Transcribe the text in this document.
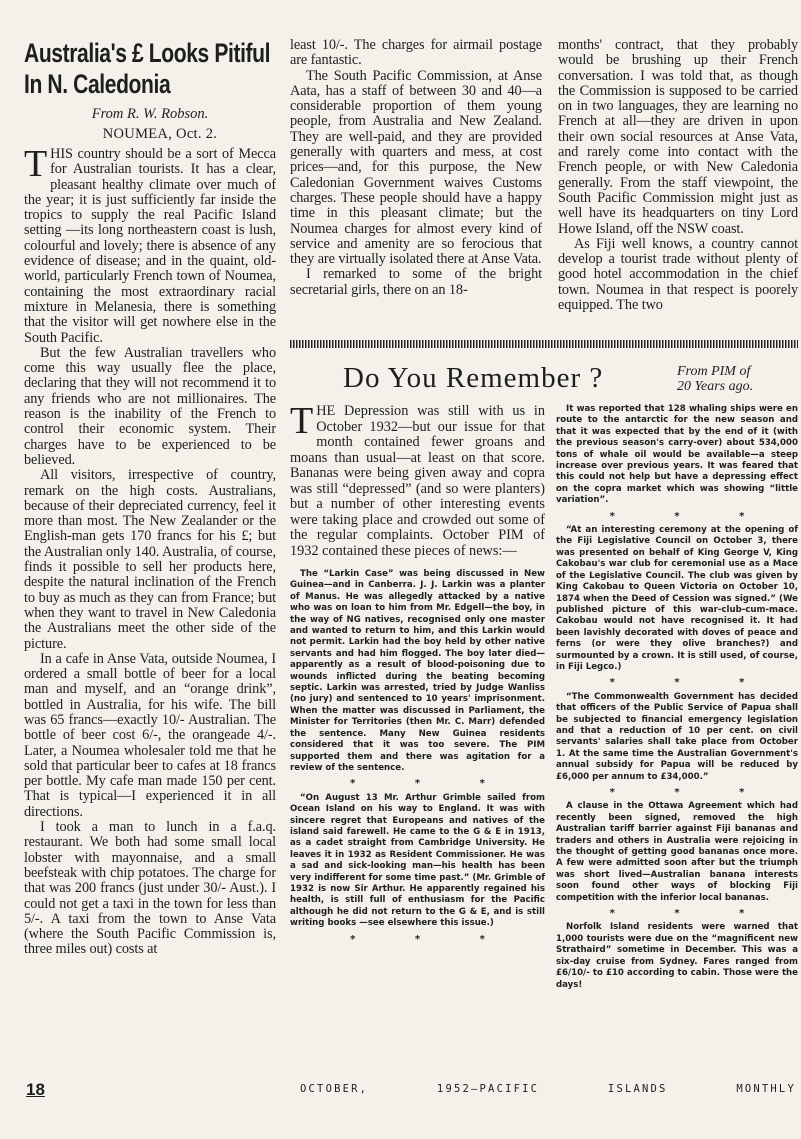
Australia's £ Looks Pitiful In N. Caledonia
From R. W. Robson.
NOUMEA, Oct. 2.

THIS country should be a sort of Mecca for Australian tourists. It has a clear, pleasant healthy climate over much of the year; it is just sufficiently far inside the tropics to supply the real Pacific Island setting —its long northeastern coast is lush, colourful and lovely; there is absence of any evidence of disease; and in the quaint, old-world, particularly French town of Noumea, containing the most extraordinary racial mixture in Melanesia, there is something that the visitor will get nowhere else in the South Pacific.

But the few Australian travellers who come this way usually flee the place, declaring that they will not recommend it to any friends who are not millionaires. The reason is the inability of the French to control their economic system. Their charges have to be experienced to be believed.

All visitors, irrespective of country, remark on the high costs. Australians, because of their depreciated currency, feel it more than most. The New Zealander or the English-man gets 170 francs for his £; but the Australian only 140. Australia, of course, finds it possible to sell her products here, despite the natural inclination of the French to buy as much as they can from France; but when they want to travel in New Caledonia the Australians meet the other side of the picture.

In a cafe in Anse Vata, outside Noumea, I ordered a small bottle of beer for a local man and myself, and an “orange drink”, bottled in Australia, for his wife. The bill was 65 francs—exactly 10/- Australian. The bottle of beer cost 6/-, the orangeade 4/-. Later, a Noumea wholesaler told me that he sold that particular beer to cafes at 18 francs per bottle. My cafe man made 150 per cent. That is typical—I experienced it in all directions.

I took a man to lunch in a f.a.q. restaurant. We both had some small local lobster with mayonnaise, and a small beefsteak with chip potatoes. The charge for that was 200 francs (just under 30/- Aust.). I could not get a taxi in the town for less than 5/-. A taxi from the town to Anse Vata (where the South Pacific Commission is, three miles out) costs at

least 10/-. The charges for airmail postage are fantastic.

The South Pacific Commission, at Anse Aata, has a staff of between 30 and 40—a considerable proportion of them young people, from Australia and New Zealand. They are well-paid, and they are provided generally with quarters and mess, at cost prices—and, for this purpose, the New Caledonian Government waives Customs charges. These people should have a happy time in this pleasant climate; but the Noumea charges for almost every kind of service and amenity are so ferocious that they are virtually isolated there at Anse Vata.

I remarked to some of the bright secretarial girls, there on an 18-

months' contract, that they probably would be brushing up their French conversation. I was told that, as though the Commission is supposed to be carried on in two languages, they are learning no French at all—they are driven in upon their own social resources at Anse Vata, and rarely come into contact with the French people, or with New Caledonia generally. From the staff viewpoint, the South Pacific Commission might just as well have its headquarters on tiny Lord Howe Island, off the NSW coast.

As Fiji well knows, a country cannot develop a tourist trade without plenty of good hotel accommodation in the chief town. Noumea in that respect is poorely equipped. The two

Do You Remember ?	From PIM of
20 Years ago.

THE Depression was still with us in October 1932—but our issue for that month contained fewer groans and moans than usual—at least on that score. Bananas were being given away and copra was still “depressed” (and so were planters) but a number of other interesting events were taking place and crowded out some of the regular complaints. October PIM of 1932 contained these pieces of news:—

The “Larkin Case” was being discussed in New Guinea—and in Canberra. J. J. Larkin was a planter of Manus. He was allegedly attacked by a native who was on loan to him from Mr. Edgell—the boy, in the way of NG natives, recognised only one master and wanted to return to him, and this Larkin would not permit. Larkin had the boy held by other native servants and had him flogged. The boy later died—apparently as a result of blood-poisoning due to wounds inflicted during the beating becoming septic. Larkin was arrested, tried by Judge Wanliss (no jury) and sentenced to 10 years' imprisonment. When the matter was discussed in Parliament, the Minister for Territories (then Mr. C. Marr) defended the sentence. Many New Guinea residents considered that it was too severe. The PIM supported them and there was agitation for a review of the sentence.

* * *

“On August 13 Mr. Arthur Grimble sailed from Ocean Island on his way to England. It was with sincere regret that Europeans and natives of the island said farewell. He came to the G & E in 1913, as a cadet straight from Cambridge University. He leaves it in 1932 as Resident Commissioner. He was a sad and sick-looking man—his health has been very indifferent for some time past.” (Mr. Grimble of 1932 is now Sir Arthur. He apparently regained his health, is still full of enthusiasm for the Pacific although he did not return to the G & E, and is still writing books —see elsewhere this issue.)

* * *

It was reported that 128 whaling ships were en route to the antarctic for the new season and that it was expected that by the end of it (with the previous season's carry-over) about 534,000 tons of whale oil would be available—a steep increase over previous years. It was feared that this could not help but have a depressing effect on the copra market which was showing “little variation”.

* * *

“At an interesting ceremony at the opening of the Fiji Legislative Council on October 3, there was presented on behalf of King George V, King Cakobau's war club for ceremonial use as a Mace of the Legislative Council. The club was given by King Cakobau to Queen Victoria on October 10, 1874 when the Deed of Cession was signed.” (We published picture of this war-club-cum-mace. Cakobau would not have recognised it. It had been lavishly decorated with doves of peace and ferns (or were they olive branches?) and surmounted by a crown. It is still used, of course, in Fiji Legco.)

* * *

“The Commonwealth Government has decided that officers of the Public Service of Papua shall be subjected to financial emergency legislation and that a reduction of 10 per cent. on civil servants' salaries shall take place from October 1. At the same time the Australian Government's annual subsidy for Papua will be reduced by £6,000 per annum to £34,000.”

* * *

A clause in the Ottawa Agreement which had recently been signed, removed the high Australian tariff barrier against Fiji bananas and traders and others in Australia were rejoicing in the thought of getting good bananas once more. A few were admitted soon after but the triumph was short lived—Australian banana interests soon found other ways of blocking Fiji competition with the inferior local bananas.

* * *

Norfolk Island residents were warned that 1,000 tourists were due on the “magnificent new Strathaird” sometime in December. This was a six-day cruise from Sydney. Fares ranged from £6/10/- to £10 according to cabin. Those were the days!

18	OCTOBER,	1952—PACIFIC	ISLANDS	MONTHLY
